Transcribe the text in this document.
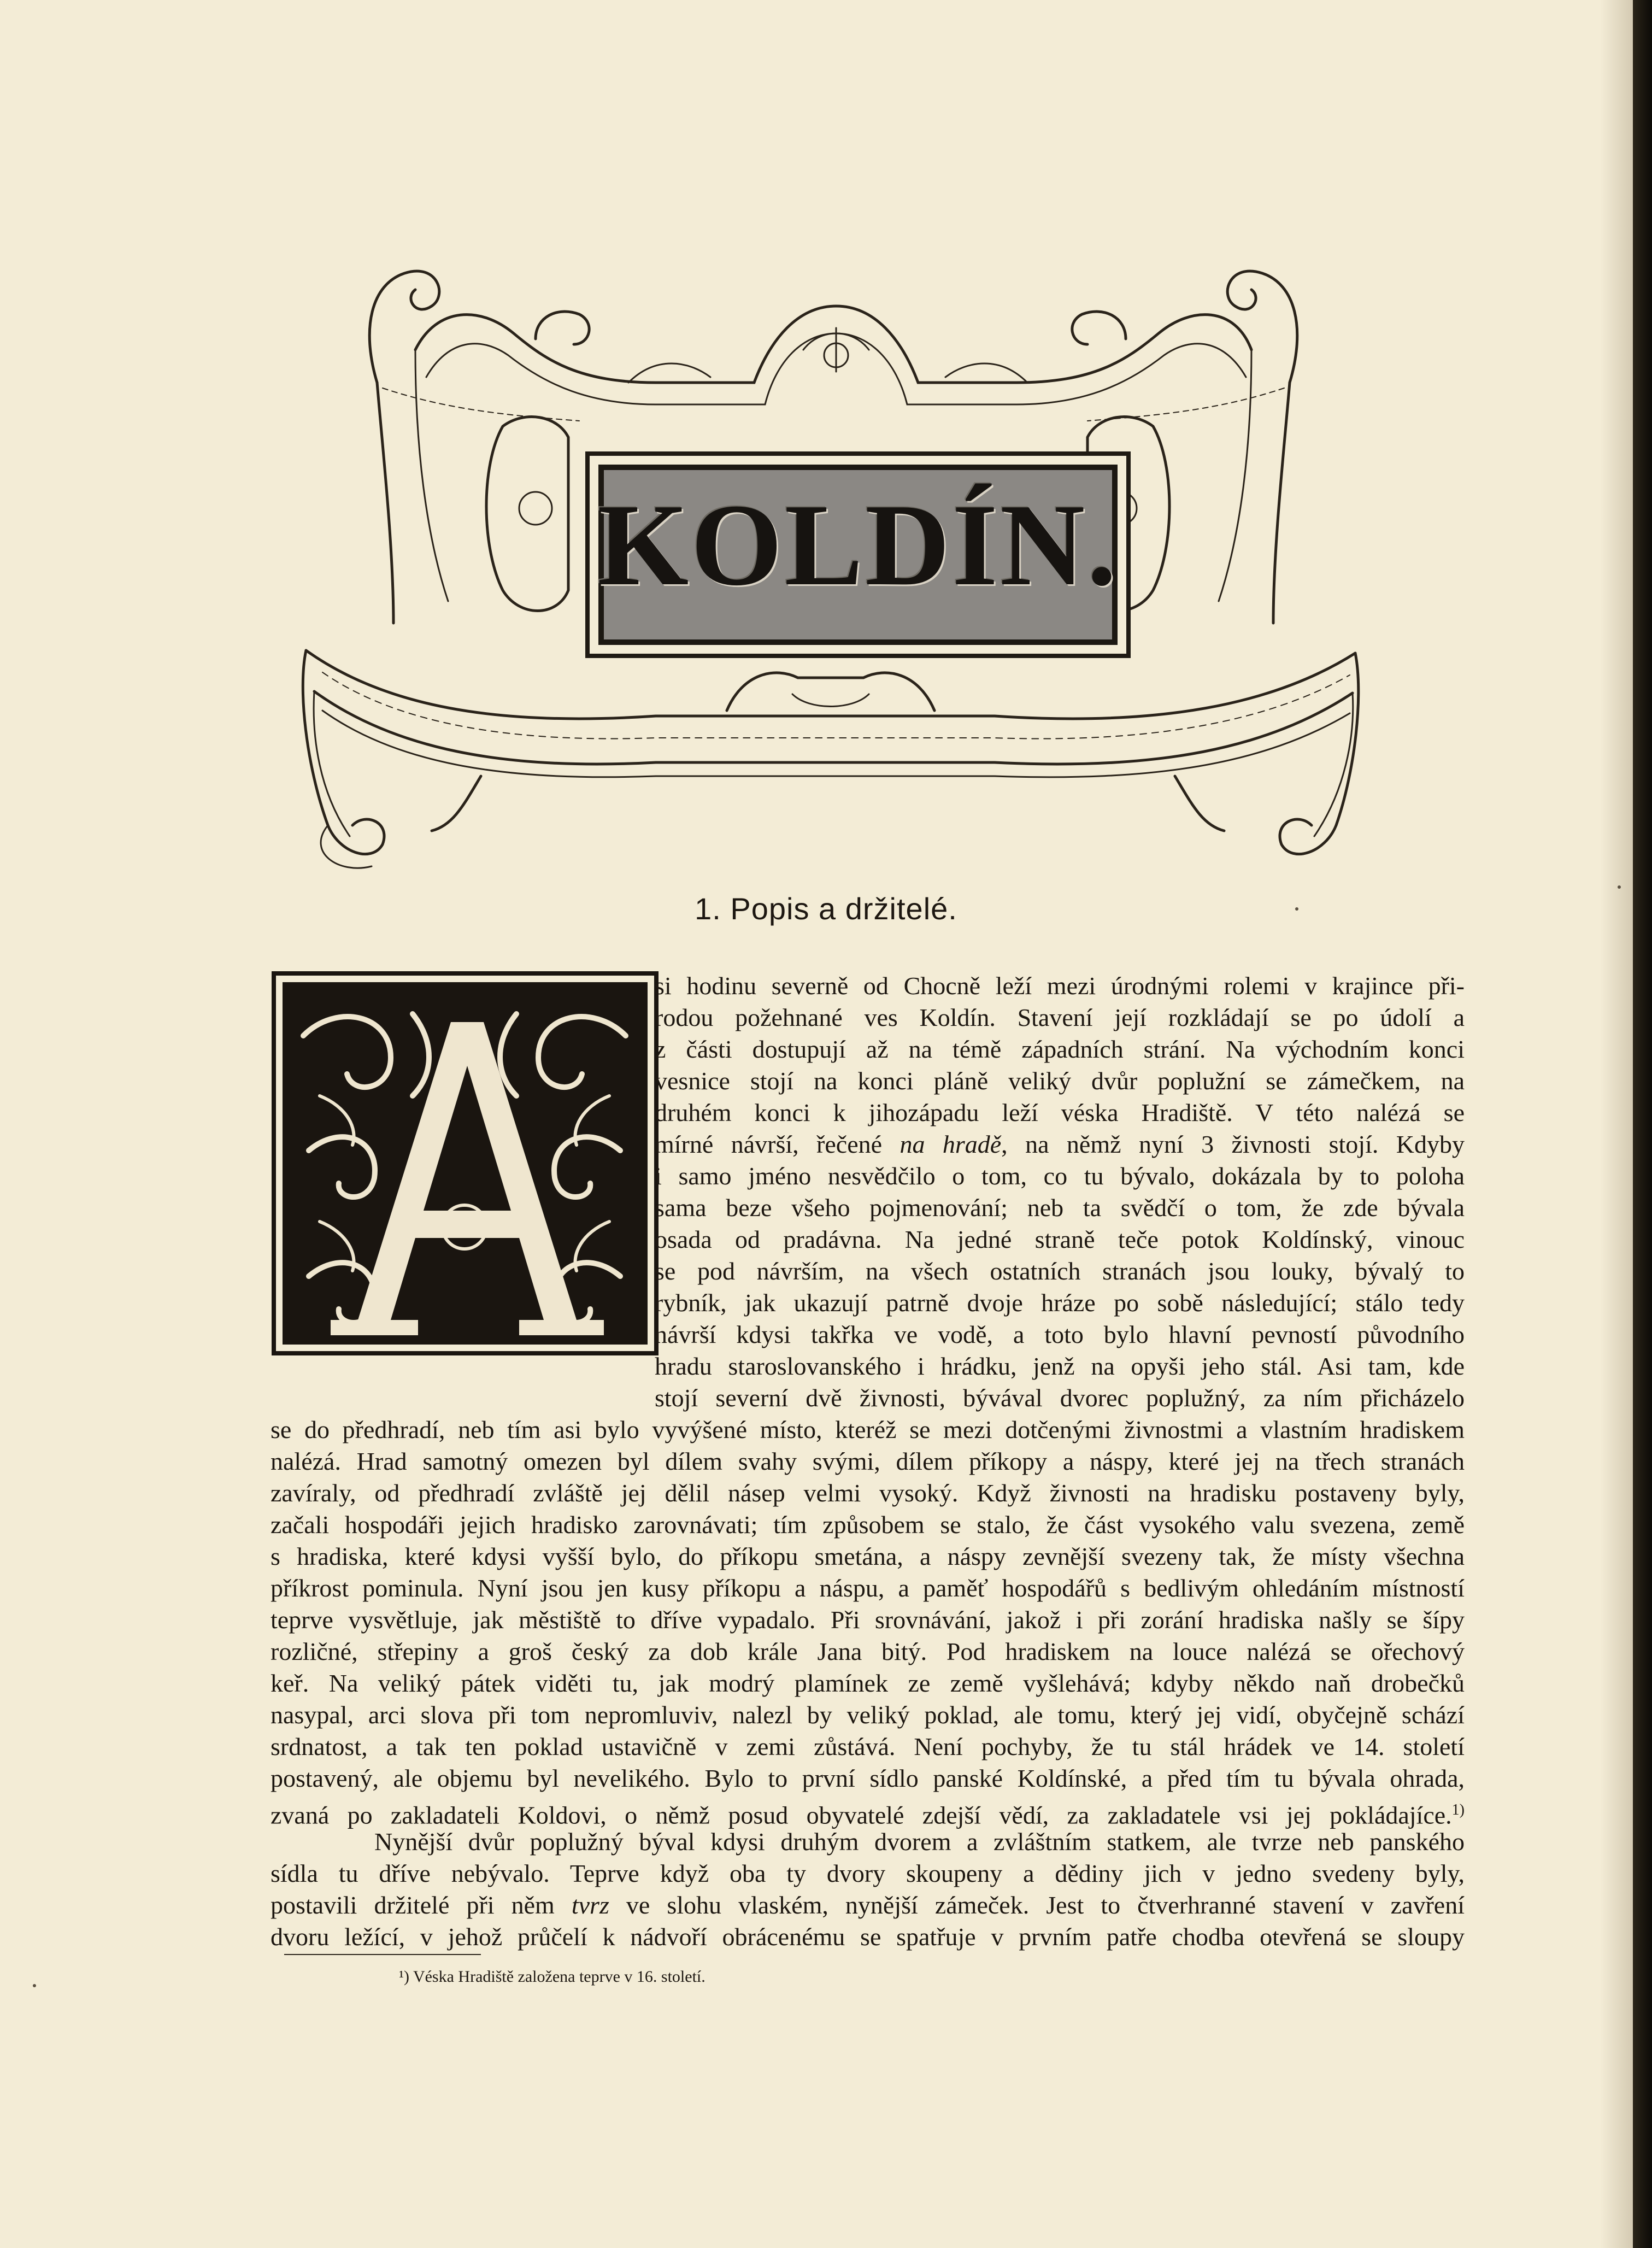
KOLDÍN.
1. Popis a držitelé.
si hodinu severně od Chocně leží mezi úrodnými rolemi v krajince při-
rodou požehnané ves Koldín. Stavení její rozkládají se po údolí a
z části dostupují až na témě západních strání. Na východním konci
vesnice stojí na konci pláně veliký dvůr poplužní se zámečkem, na
druhém konci k jihozápadu leží véska Hradiště. V této nalézá se
mírné návrší, řečené na hradě, na němž nyní 3 živnosti stojí. Kdyby
i samo jméno nesvědčilo o tom, co tu bývalo, dokázala by to poloha
sama beze všeho pojmenování; neb ta svědčí o tom, že zde bývala
osada od pradávna. Na jedné straně teče potok Koldínský, vinouc
se pod návrším, na všech ostatních stranách jsou louky, bývalý to
rybník, jak ukazují patrně dvoje hráze po sobě následující; stálo tedy
návrší kdysi takřka ve vodě, a toto bylo hlavní pevností původního
hradu staroslovanského i hrádku, jenž na opyši jeho stál. Asi tam, kde
stojí severní dvě živnosti, bývával dvorec poplužný, za ním přicházelo
se do předhradí, neb tím asi bylo vyvýšené místo, kteréž se mezi dotčenými živnostmi a vlastním hradiskem
nalézá. Hrad samotný omezen byl dílem svahy svými, dílem příkopy a náspy, které jej na třech stranách
zavíraly, od předhradí zvláště jej dělil násep velmi vysoký. Když živnosti na hradisku postaveny byly,
začali hospodáři jejich hradisko zarovnávati; tím způsobem se stalo, že část vysokého valu svezena, země
s hradiska, které kdysi vyšší bylo, do příkopu smetána, a náspy zevnější svezeny tak, že místy všechna
příkrost pominula. Nyní jsou jen kusy příkopu a náspu, a paměť hospodářů s bedlivým ohledáním místností
teprve vysvětluje, jak městiště to dříve vypadalo. Při srovnávání, jakož i při zorání hradiska našly se šípy
rozličné, střepiny a groš český za dob krále Jana bitý. Pod hradiskem na louce nalézá se ořechový
keř. Na veliký pátek viděti tu, jak modrý plamínek ze země vyšlehává; kdyby někdo naň drobečků
nasypal, arci slova při tom nepromluviv, nalezl by veliký poklad, ale tomu, který jej vidí, obyčejně schází
srdnatost, a tak ten poklad ustavičně v zemi zůstává. Není pochyby, že tu stál hrádek ve 14. století
postavený, ale objemu byl nevelikého. Bylo to první sídlo panské Koldínské, a před tím tu bývala ohrada,
zvaná po zakladateli Koldovi, o němž posud obyvatelé zdejší vědí, za zakladatele vsi jej pokládajíce.$^{1)}$
Nynější dvůr poplužný býval kdysi druhým dvorem a zvláštním statkem, ale tvrze neb panského
sídla tu dříve nebývalo. Teprve když oba ty dvory skoupeny a dědiny jich v jedno svedeny byly,
postavili držitelé při něm tvrz ve slohu vlaském, nynější zámeček. Jest to čtverhranné stavení v zavření
dvoru ležící, v jehož průčelí k nádvoří obrácenému se spatřuje v prvním patře chodba otevřená se sloupy
¹) Véska Hradiště založena teprve v 16. století.
